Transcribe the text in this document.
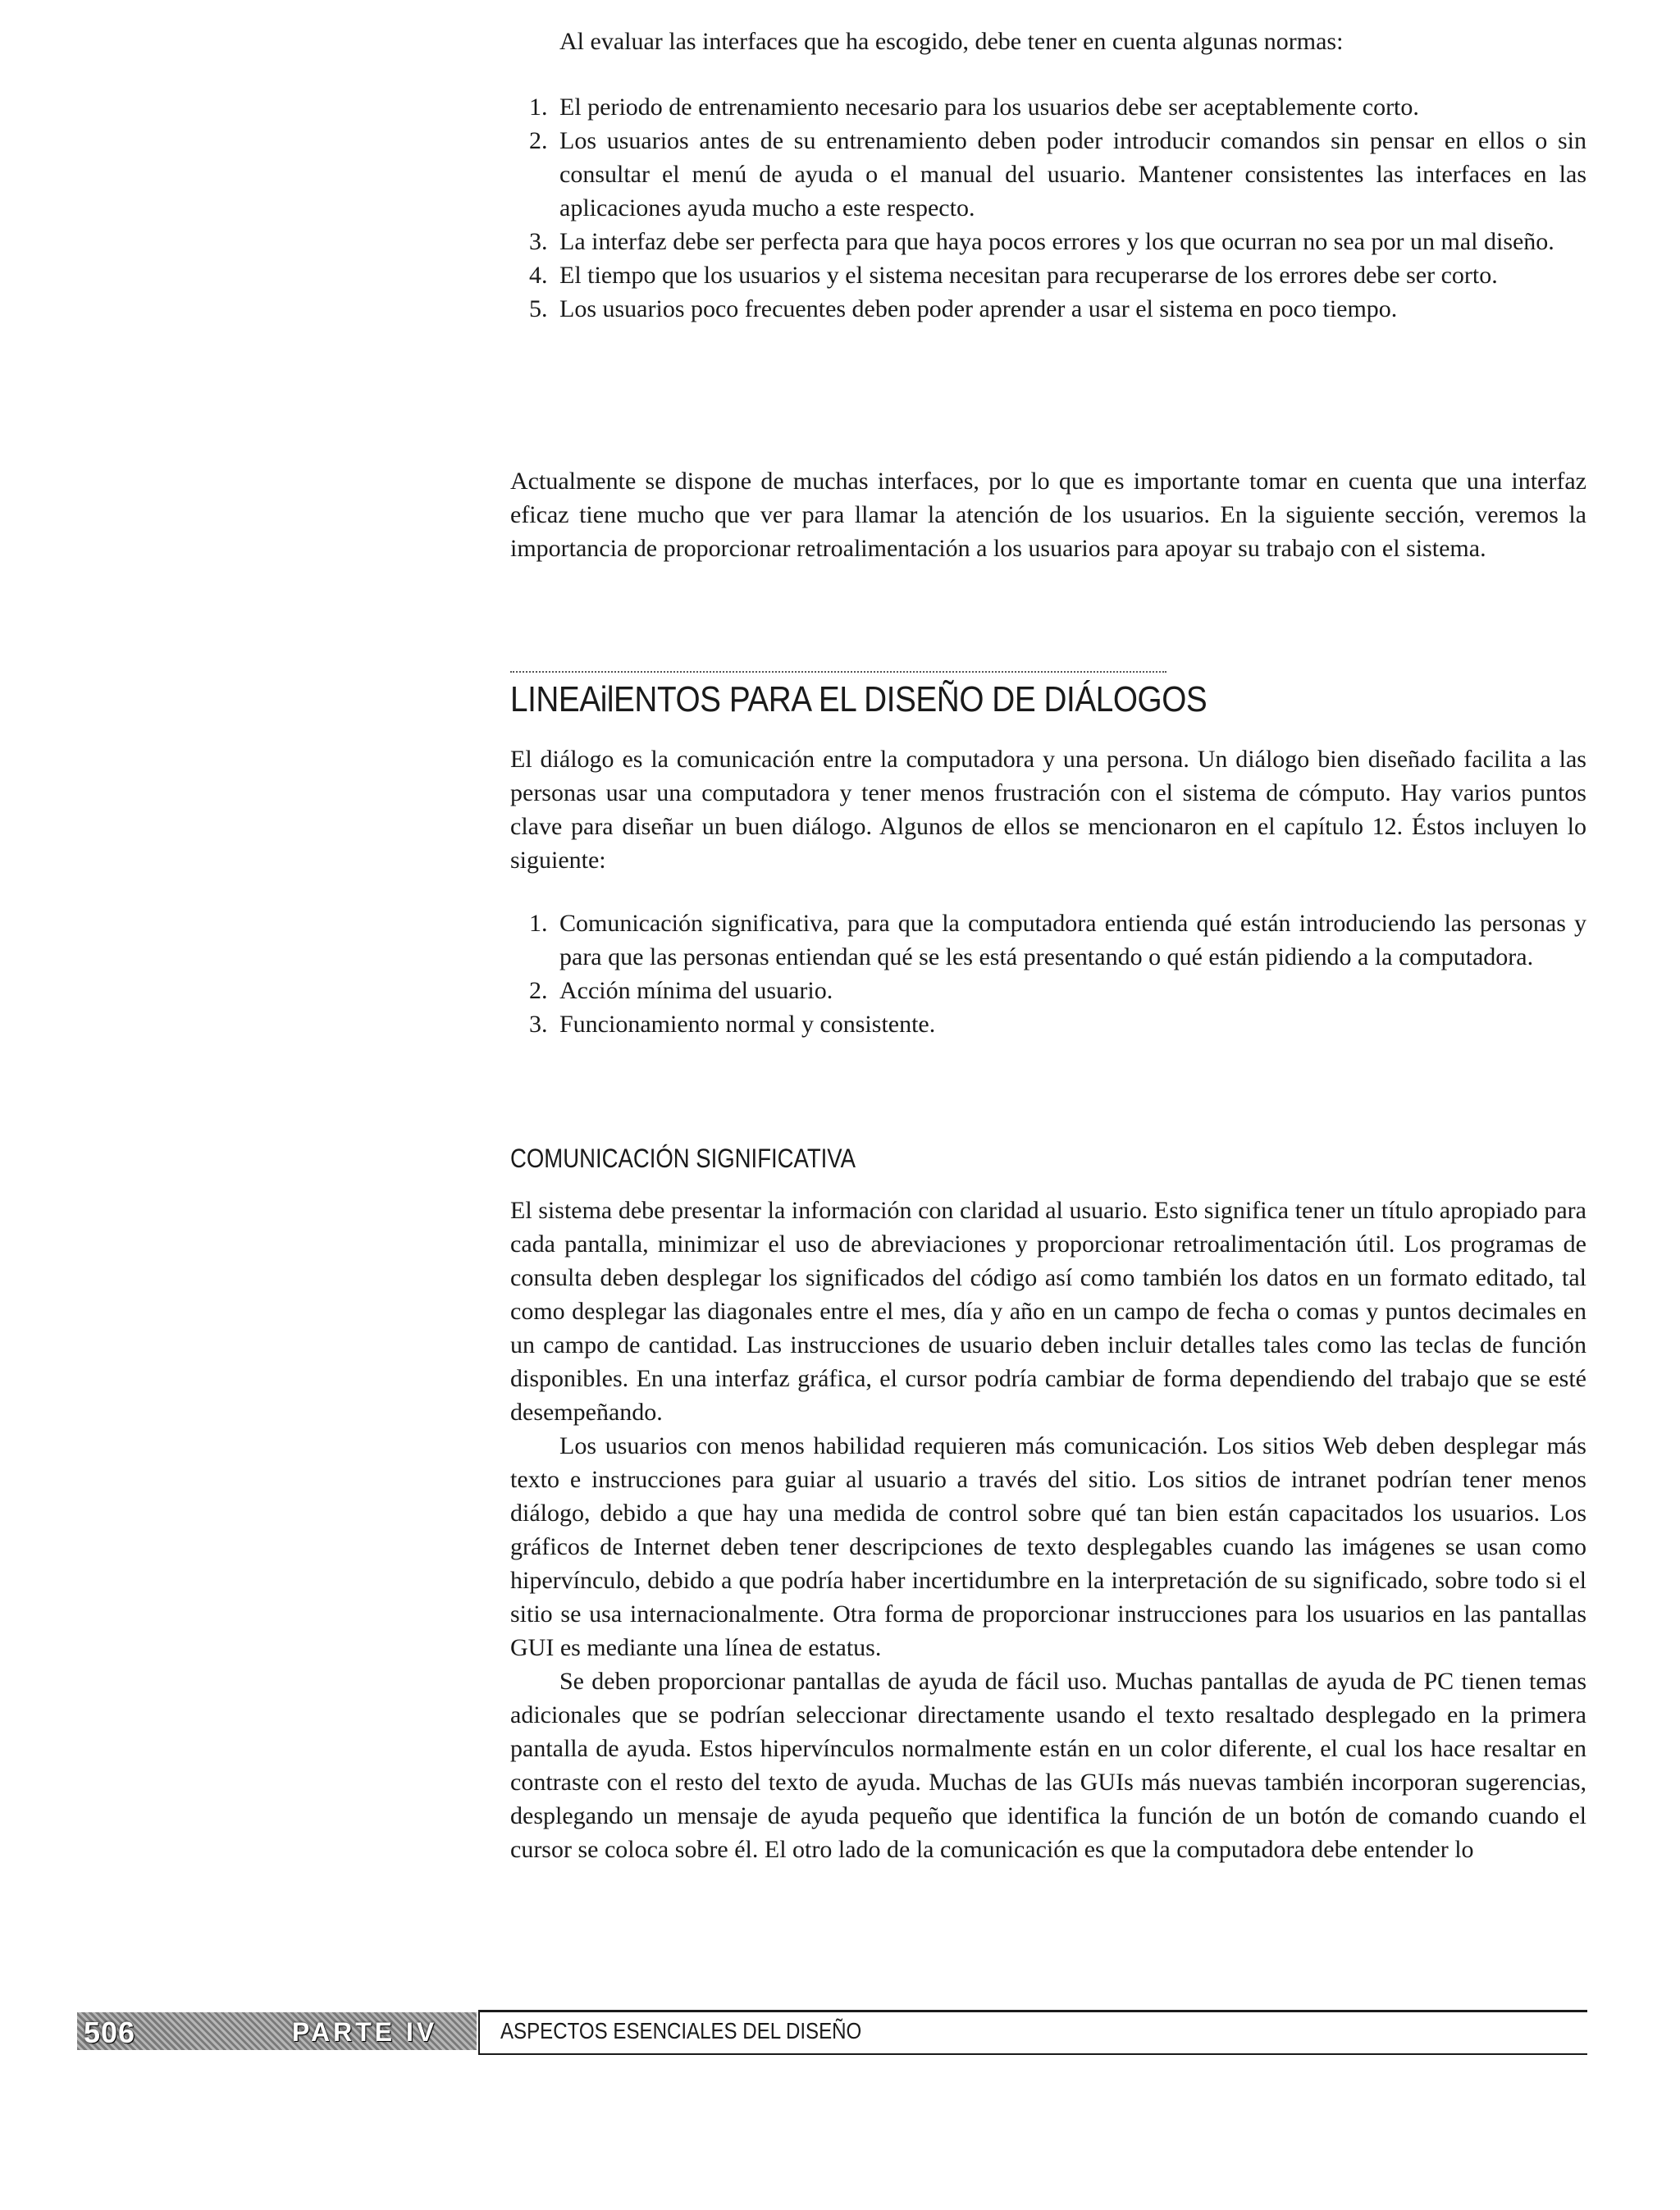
Al evaluar las interfaces que ha escogido, debe tener en cuenta algunas normas:

1. El periodo de entrenamiento necesario para los usuarios debe ser aceptablemente corto.
2. Los usuarios antes de su entrenamiento deben poder introducir comandos sin pensar en ellos o sin consultar el menú de ayuda o el manual del usuario. Mantener consistentes las interfaces en las aplicaciones ayuda mucho a este respecto.
3. La interfaz debe ser perfecta para que haya pocos errores y los que ocurran no sea por un mal diseño.
4. El tiempo que los usuarios y el sistema necesitan para recuperarse de los errores debe ser corto.
5. Los usuarios poco frecuentes deben poder aprender a usar el sistema en poco tiempo.

Actualmente se dispone de muchas interfaces, por lo que es importante tomar en cuenta que una interfaz eficaz tiene mucho que ver para llamar la atención de los usuarios. En la siguiente sección, veremos la importancia de proporcionar retroalimentación a los usuarios para apoyar su trabajo con el sistema.

LINEAilENTOS PARA EL DISEÑO DE DIÁLOGOS

El diálogo es la comunicación entre la computadora y una persona. Un diálogo bien diseñado facilita a las personas usar una computadora y tener menos frustración con el sistema de cómputo. Hay varios puntos clave para diseñar un buen diálogo. Algunos de ellos se mencionaron en el capítulo 12. Éstos incluyen lo siguiente:

1. Comunicación significativa, para que la computadora entienda qué están introduciendo las personas y para que las personas entiendan qué se les está presentando o qué están pidiendo a la computadora.
2. Acción mínima del usuario.
3. Funcionamiento normal y consistente.
COMUNICACIÓN SIGNIFICATIVA

El sistema debe presentar la información con claridad al usuario. Esto significa tener un título apropiado para cada pantalla, minimizar el uso de abreviaciones y proporcionar retroalimentación útil. Los programas de consulta deben desplegar los significados del código así como también los datos en un formato editado, tal como desplegar las diagonales entre el mes, día y año en un campo de fecha o comas y puntos decimales en un campo de cantidad. Las instrucciones de usuario deben incluir detalles tales como las teclas de función disponibles. En una interfaz gráfica, el cursor podría cambiar de forma dependiendo del trabajo que se esté desempeñando.

Los usuarios con menos habilidad requieren más comunicación. Los sitios Web deben desplegar más texto e instrucciones para guiar al usuario a través del sitio. Los sitios de intranet podrían tener menos diálogo, debido a que hay una medida de control sobre qué tan bien están capacitados los usuarios. Los gráficos de Internet deben tener descripciones de texto desplegables cuando las imágenes se usan como hipervínculo, debido a que podría haber incertidumbre en la interpretación de su significado, sobre todo si el sitio se usa internacionalmente. Otra forma de proporcionar instrucciones para los usuarios en las pantallas GUI es mediante una línea de estatus.

Se deben proporcionar pantallas de ayuda de fácil uso. Muchas pantallas de ayuda de PC tienen temas adicionales que se podrían seleccionar directamente usando el texto resaltado desplegado en la primera pantalla de ayuda. Estos hipervínculos normalmente están en un color diferente, el cual los hace resaltar en contraste con el resto del texto de ayuda. Muchas de las GUIs más nuevas también incorporan sugerencias, desplegando un mensaje de ayuda pequeño que identifica la función de un botón de comando cuando el cursor se coloca sobre él. El otro lado de la comunicación es que la computadora debe entender lo

506	PARTE IV	ASPECTOS ESENCIALES DEL DISEÑO
